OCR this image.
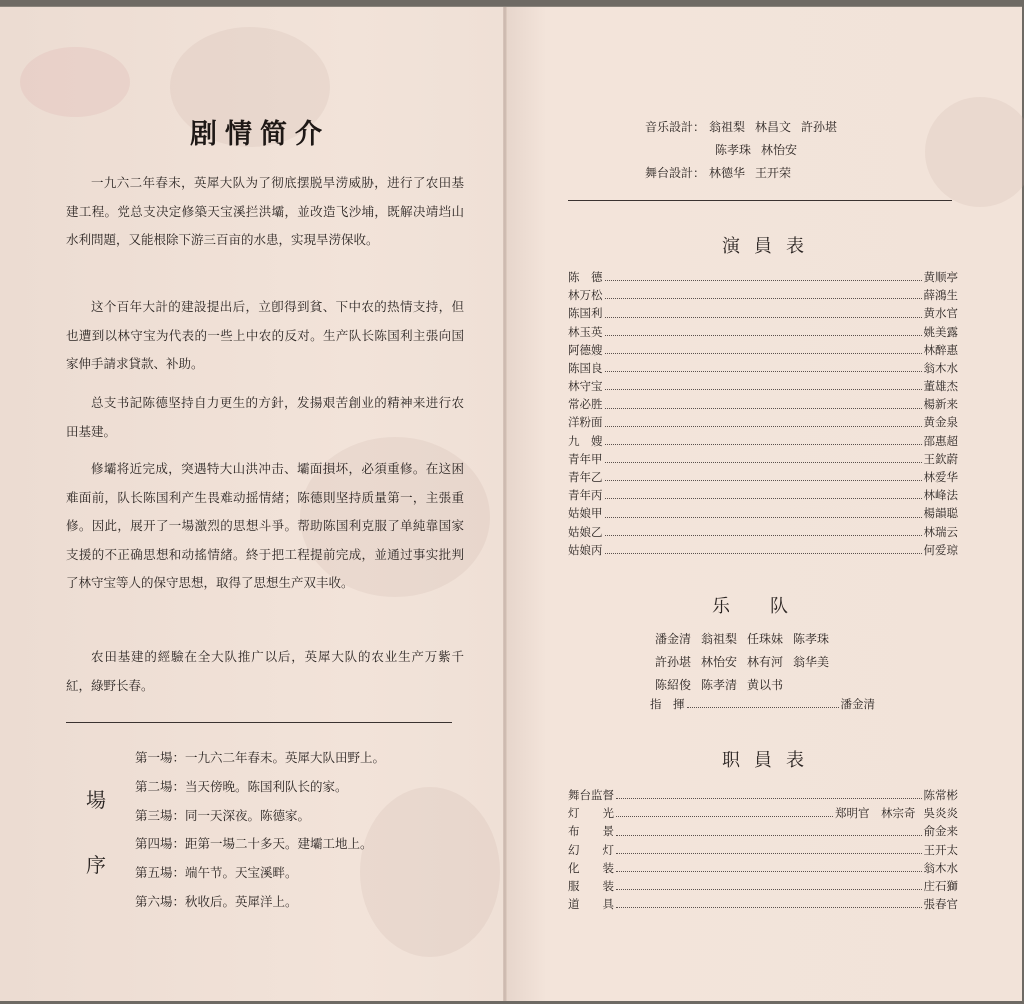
剧情简介

一九六二年春末，英犀大队为了彻底摆脱旱涝威胁，进行了农田基建工程。党总支决定修築天宝溪拦洪壩，並改造飞沙埔，既解决靖垱山水利問題，又能根除下游三百亩的水患，实現旱涝保收。

这个百年大計的建設提出后，立卽得到貧、下中农的热情支持，但也遭到以林守宝为代表的一些上中农的反对。生产队长陈国利主張向国家伸手請求貸款、补助。

总支书記陈德坚持自力更生的方針，发揚艰苦創业的精神来进行农田基建。

修壩将近完成，突遇特大山洪冲击、壩面損坏，必須重修。在这困难面前，队长陈国利产生畏难动摇情緒；陈德則坚持质量第一，主張重修。因此，展开了一場激烈的思想斗爭。帮助陈国利克服了单純靠国家支援的不正确思想和动搖情緒。終于把工程提前完成，並通过事实批判了林守宝等人的保守思想，取得了思想生产双丰收。

农田基建的經驗在全大队推广以后，英犀大队的农业生产万紫千紅，綠野长春。

場
序
第一場：一九六二年春末。英犀大队田野上。
第二場：当天傍晚。陈国利队长的家。
第三場：同一天深夜。陈德家。
第四場：距第一場二十多天。建壩工地上。
第五場：端午节。天宝溪畔。
第六場：秋收后。英犀洋上。
音乐設計： 翁祖梨 林昌文 許孙堪
陈孝珠 林怡安
舞台設計： 林德华 王开荣
演員表
陈　德	黄顺亭
林万松	薛鴻生
陈国利	黄水官
林玉英	姚美露
阿德嫂	林醉惠
陈国良	翁木水
林守宝	董雄杰
常必胜	楊新来
洋粉面	黄金泉
九　嫂	邵惠超
青年甲	王欽蔚
青年乙	林爱华
青年丙	林峰法
姑娘甲	楊韻聪
姑娘乙	林瑞云
姑娘丙	何爱琼
乐队
潘金清 翁祖梨 任珠妹 陈孝珠
許孙堪 林怡安 林有河 翁华美
陈紹俊 陈孝清 黄以书
指　揮	潘金清
职員表
舞台监督	陈常彬
灯　　光	郑明官　林宗奇 吳炎炎
布　　景	俞金来
幻　　灯	王开太
化　　装	翁木水
服　　装	庄石獅
道　　具	張春官
